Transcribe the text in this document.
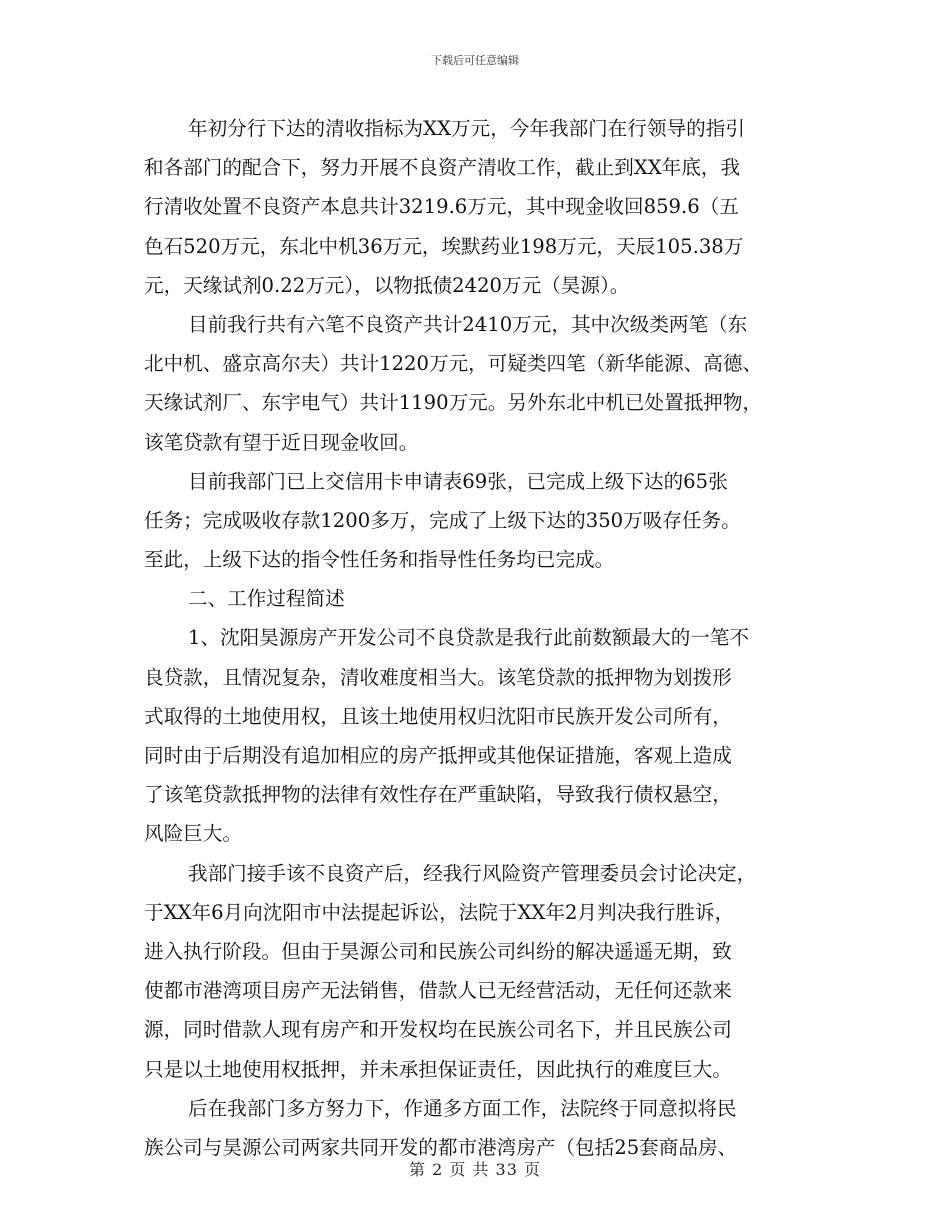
下载后可任意编辑
年初分行下达的清收指标为XX万元，今年我部门在行领导的指引
和各部门的配合下，努力开展不良资产清收工作，截止到XX年底，我
行清收处置不良资产本息共计3219.6万元，其中现金收回859.6（五
色石520万元，东北中机36万元，埃默药业198万元，天辰105.38万
元，天缘试剂0.22万元），以物抵债2420万元（昊源）。
目前我行共有六笔不良资产共计2410万元，其中次级类两笔（东
北中机、盛京高尔夫）共计1220万元，可疑类四笔（新华能源、高德、
天缘试剂厂、东宇电气）共计1190万元。另外东北中机已处置抵押物，
该笔贷款有望于近日现金收回。
目前我部门已上交信用卡申请表69张，已完成上级下达的65张
任务；完成吸收存款1200多万，完成了上级下达的350万吸存任务。
至此，上级下达的指令性任务和指导性任务均已完成。
二、工作过程简述
1、沈阳昊源房产开发公司不良贷款是我行此前数额最大的一笔不
良贷款，且情况复杂，清收难度相当大。该笔贷款的抵押物为划拨形
式取得的土地使用权，且该土地使用权归沈阳市民族开发公司所有，
同时由于后期没有追加相应的房产抵押或其他保证措施，客观上造成
了该笔贷款抵押物的法律有效性存在严重缺陷，导致我行债权悬空，
风险巨大。
我部门接手该不良资产后，经我行风险资产管理委员会讨论决定，
于XX年6月向沈阳市中法提起诉讼，法院于XX年2月判决我行胜诉，
进入执行阶段。但由于昊源公司和民族公司纠纷的解决遥遥无期，致
使都市港湾项目房产无法销售，借款人已无经营活动，无任何还款来
源，同时借款人现有房产和开发权均在民族公司名下，并且民族公司
只是以土地使用权抵押，并未承担保证责任，因此执行的难度巨大。
后在我部门多方努力下，作通多方面工作，法院终于同意拟将民
族公司与昊源公司两家共同开发的都市港湾房产（包括25套商品房、
第 2 页 共 33 页
